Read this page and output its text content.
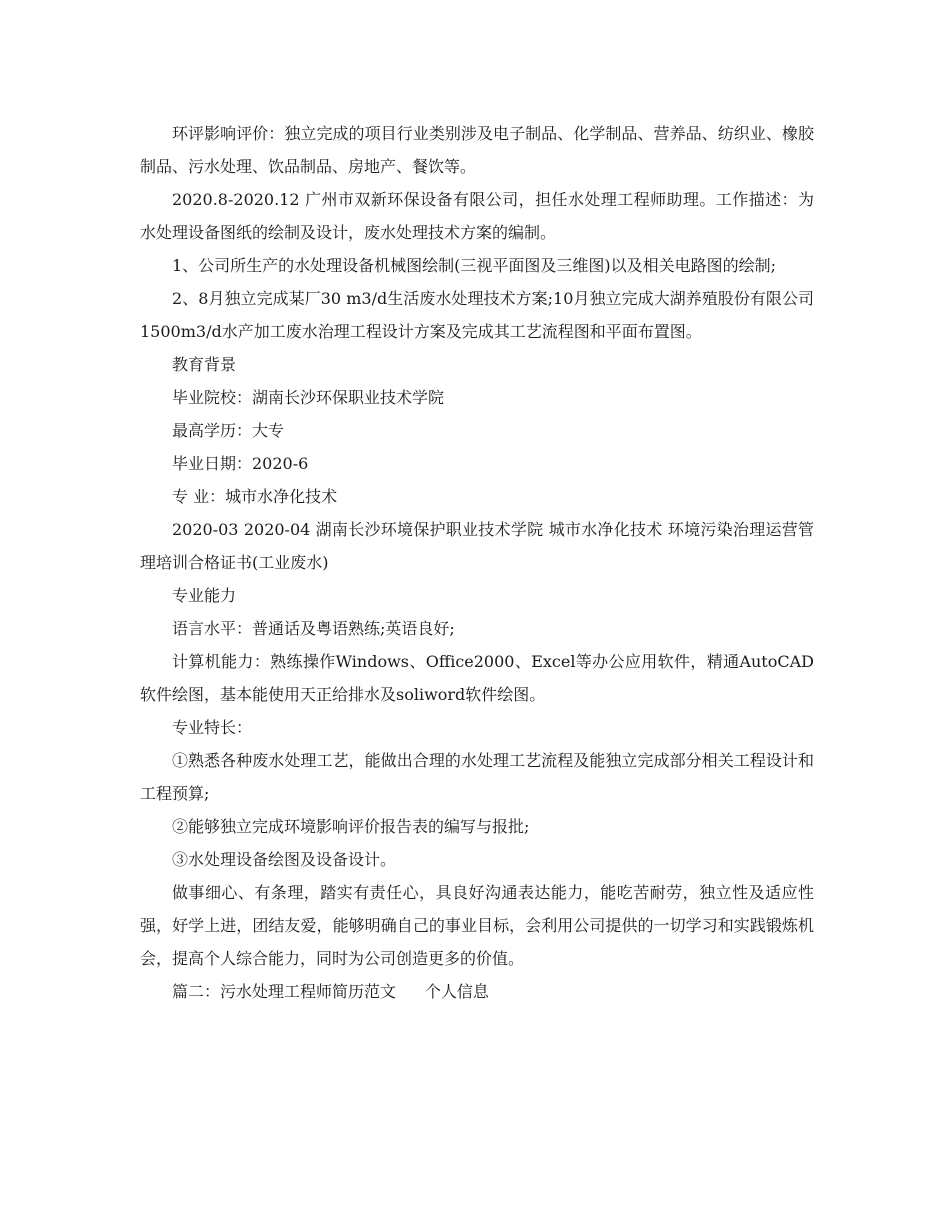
环评影响评价：独立完成的项目行业类别涉及电子制品、化学制品、营养品、纺织业、橡胶制品、污水处理、饮品制品、房地产、餐饮等。

2020.8-2020.12 广州市双新环保设备有限公司，担任水处理工程师助理。工作描述：为水处理设备图纸的绘制及设计，废水处理技术方案的编制。

1、公司所生产的水处理设备机械图绘制(三视平面图及三维图)以及相关电路图的绘制;

2、8月独立完成某厂30 m3/d生活废水处理技术方案;10月独立完成大湖养殖股份有限公司1500m3/d水产加工废水治理工程设计方案及完成其工艺流程图和平面布置图。

教育背景

毕业院校：湖南长沙环保职业技术学院

最高学历：大专

毕业日期：2020-6

专 业：城市水净化技术

2020-03 2020-04 湖南长沙环境保护职业技术学院 城市水净化技术 环境污染治理运营管理培训合格证书(工业废水)

专业能力

语言水平：普通话及粤语熟练;英语良好;

计算机能力：熟练操作Windows、Office2000、Excel等办公应用软件，精通AutoCAD软件绘图，基本能使用天正给排水及soliword软件绘图。

专业特长：

①熟悉各种废水处理工艺，能做出合理的水处理工艺流程及能独立完成部分相关工程设计和工程预算;

②能够独立完成环境影响评价报告表的编写与报批;

③水处理设备绘图及设备设计。

做事细心、有条理，踏实有责任心，具良好沟通表达能力，能吃苦耐劳，独立性及适应性强，好学上进，团结友爱，能够明确自己的事业目标，会利用公司提供的一切学习和实践锻炼机会，提高个人综合能力，同时为公司创造更多的价值。

篇二：污水处理工程师简历范文	个人信息
